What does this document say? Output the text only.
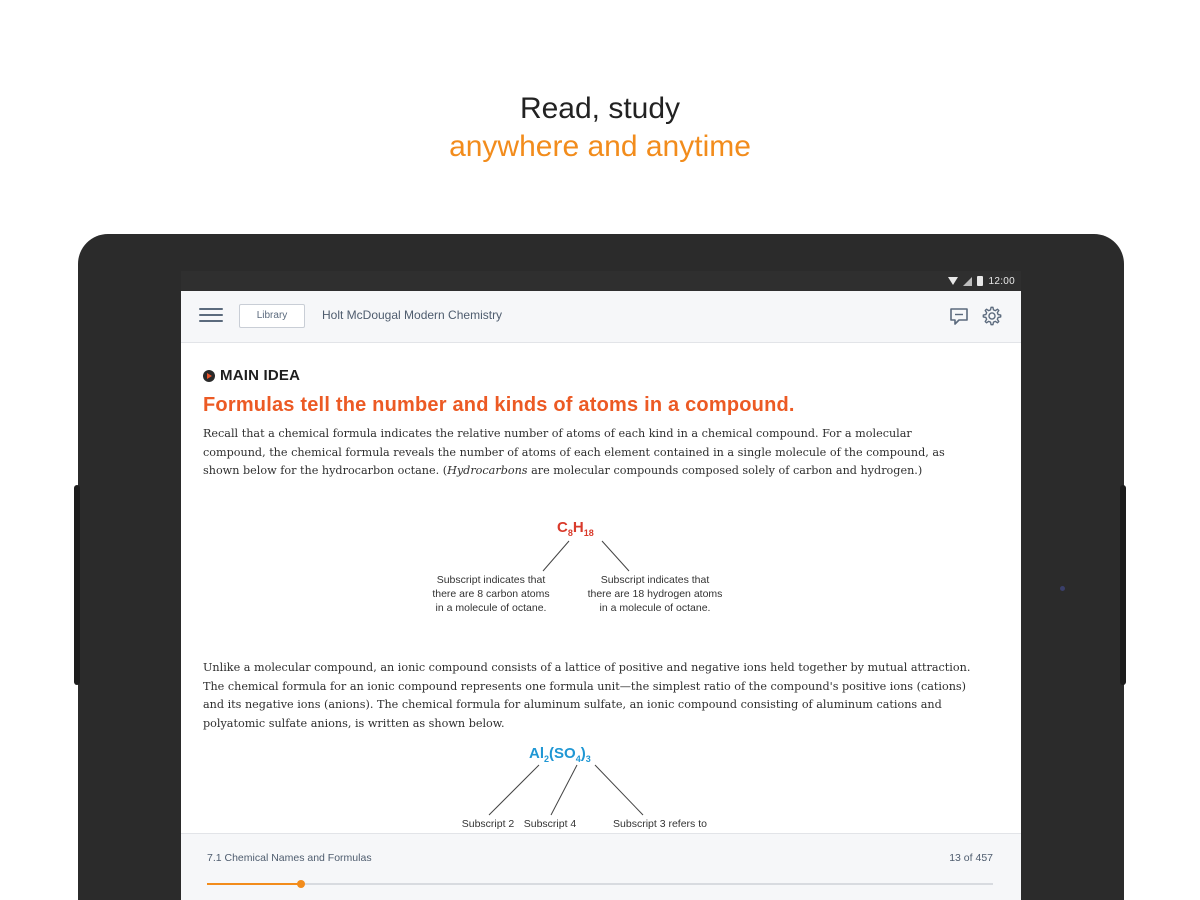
Read, study
anywhere and anytime
12:00
Library	Holt McDougal Modern Chemistry
MAIN IDEA
Formulas tell the number and kinds of atoms in a compound.

Recall that a chemical formula indicates the relative number of atoms of each kind in a chemical compound. For a molecular compound, the chemical formula reveals the number of atoms of each element contained in a single molecule of the compound, as shown below for the hydrocarbon octane. (Hydrocarbons are molecular compounds composed solely of carbon and hydrogen.)

$C_8H_{18}$
Subscript indicates that
there are 8 carbon atoms
in a molecule of octane.
Subscript indicates that
there are 18 hydrogen atoms
in a molecule of octane.

Unlike a molecular compound, an ionic compound consists of a lattice of positive and negative ions held together by mutual attraction. The chemical formula for an ionic compound represents one formula unit—the simplest ratio of the compound's positive ions (cations) and its negative ions (anions). The chemical formula for aluminum sulfate, an ionic compound consisting of aluminum cations and polyatomic sulfate anions, is written as shown below.

$Al_2(SO_4)_3$
Subscript 2 Subscript 4	Subscript 3 refers to
7.1 Chemical Names and Formulas	13 of 457
